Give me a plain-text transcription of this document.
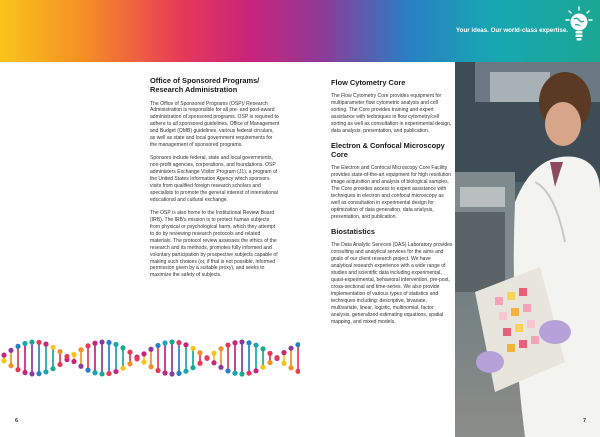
Your ideas. Our world-class expertise.
Office of Sponsored Programs/ Research Administration

The Office of Sponsored Programs (OSP)/ Research Administration is responsible for all pre- and post-award administration of sponsored programs. OSP is required to adhere to all sponsored guidelines, Office of Management and Budget (OMB) guidelines, various federal circulars, as well as state and local government requirements for the management of sponsored programs.

Sponsors include federal, state and local governments, non-profit agencies, corporations, and foundations. OSP administers Exchange Visitor Program (J1), a program of the United States Information Agency which sponsors visits from qualified foreign research scholars and specialists to promote the general interest of international educational and cultural exchange.

The OSP is also home to the Institutional Review Board (IRB). The IRB's mission is to protect human subjects from physical or psychological harm, which they attempt to do by reviewing research protocols and related materials. The protocol review assesses the ethics of the research and its methods, promotes fully informed and voluntary participation by prospective subjects capable of making such choices (or, if that is not possible, informed permission given by a suitable proxy), and seeks to maximize the safety of subjects.

Flow Cytometry Core

The Flow Cytometry Core provides equipment for multiparameter flow cytometric analysis and cell sorting. The Core provides training and expert assistance with techniques in flow cytometry/cell sorting as well as consultation in experimental design, data analysis, presentation, and publication.

Electron & Confocal Microscopy Core

The Electron and Confocal Microscopy Core Facility provides state-of-the-art equipment for high resolution image acquisition and analysis of biological samples. The Core provides access to expert assistance with techniques in electron and confocal microscopy as well as consultation in experimental design for optimization of data generation, data analysis, presentation, and publication.

Biostatistics

The Data Analytic Services (DAS) Laboratory provides consulting and analytical services for the aims and goals of our client research project. We have analytical research experience with a wide range of studies and scientific data including experimental, quasi-experimental, behavioral intervention, pre-post, cross-sectional and time-series. We also provide implementation of various types of statistics and techniques including: descriptive, bivariate, multivariate, linear, logistic, multinomial, factor analysis, generalized estimating equations, spatial mapping, and mixed models.

6	7
